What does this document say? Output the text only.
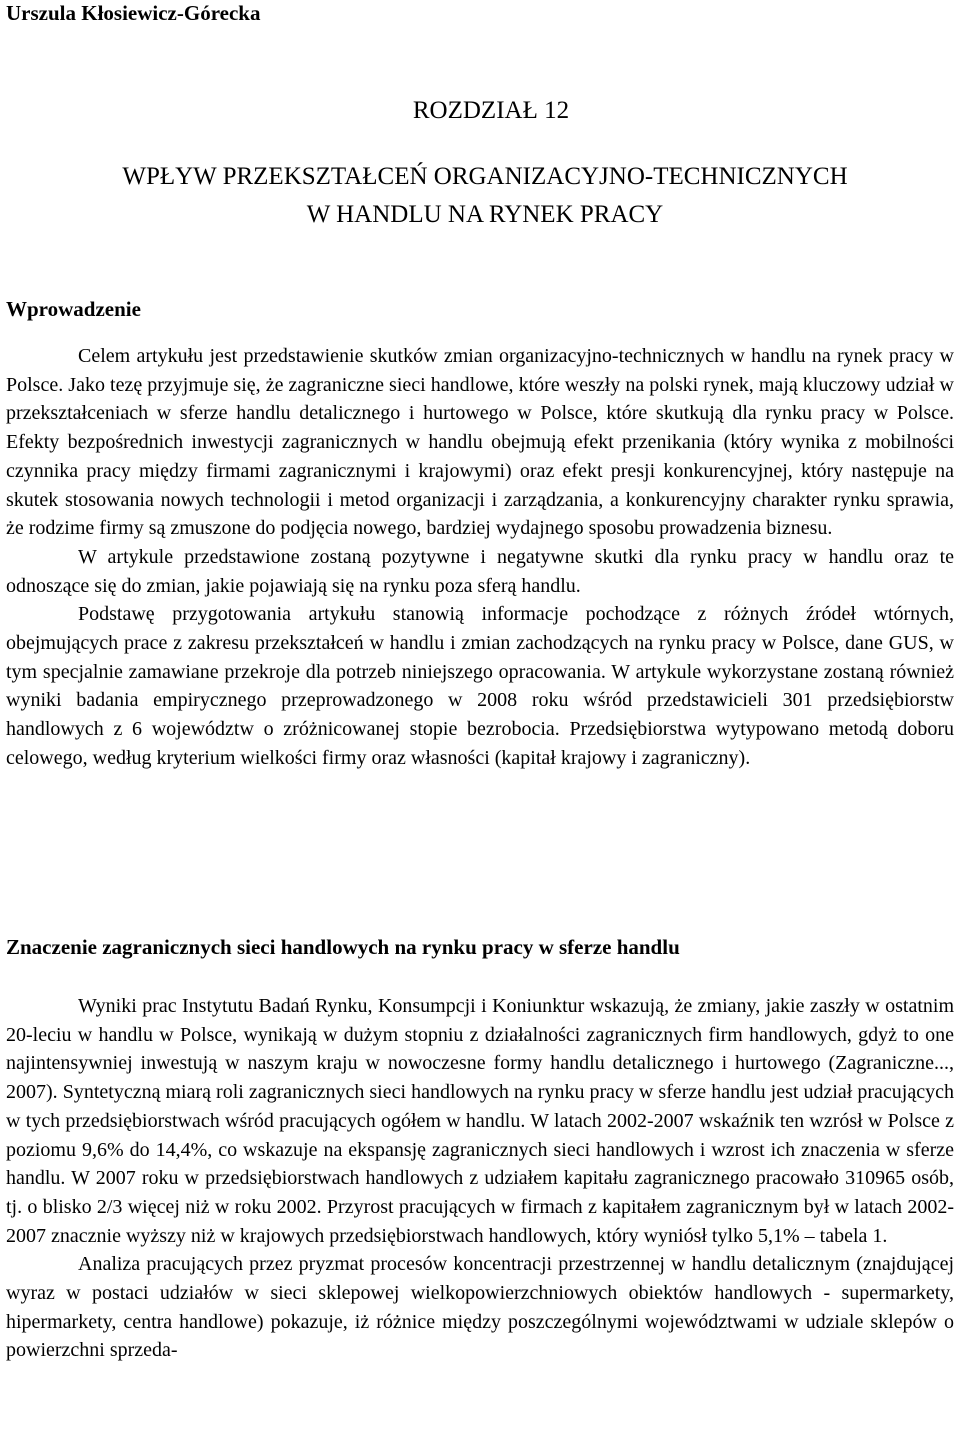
Urszula Kłosiewicz-Górecka
ROZDZIAŁ 12
WPŁYW PRZEKSZTAŁCEŃ ORGANIZACYJNO-TECHNICZNYCH
W HANDLU NA RYNEK PRACY
Wprowadzenie

Celem artykułu jest przedstawienie skutków zmian organizacyjno-technicznych w handlu na rynek pracy w Polsce. Jako tezę przyjmuje się, że zagraniczne sieci handlowe, które weszły na polski rynek, mają kluczowy udział w przekształceniach w sferze handlu detalicznego i hurtowego w Polsce, które skutkują dla rynku pracy w Polsce. Efekty bezpośrednich inwestycji zagranicznych w handlu obejmują efekt przenikania (który wynika z mobilności czynnika pracy między firmami zagranicznymi i krajowymi) oraz efekt presji konkurencyjnej, który następuje na skutek stosowania nowych technologii i metod organizacji i zarządzania, a konkurencyjny charakter rynku sprawia, że rodzime firmy są zmuszone do podjęcia nowego, bardziej wydajnego sposobu prowadzenia biznesu.

W artykule przedstawione zostaną pozytywne i negatywne skutki dla rynku pracy w handlu oraz te odnoszące się do zmian, jakie pojawiają się na rynku poza sferą handlu.

Podstawę przygotowania artykułu stanowią informacje pochodzące z różnych źródeł wtórnych, obejmujących prace z zakresu przekształceń w handlu i zmian zachodzących na rynku pracy w Polsce, dane GUS, w tym specjalnie zamawiane przekroje dla potrzeb niniejszego opracowania. W artykule wykorzystane zostaną również wyniki badania empirycznego przeprowadzonego w 2008 roku wśród przedstawicieli 301 przedsiębiorstw handlowych z 6 województw o zróżnicowanej stopie bezrobocia. Przedsiębiorstwa wytypowano metodą doboru celowego, według kryterium wielkości firmy oraz własności (kapitał krajowy i zagraniczny).

Znaczenie zagranicznych sieci handlowych na rynku pracy w sferze handlu

Wyniki prac Instytutu Badań Rynku, Konsumpcji i Koniunktur wskazują, że zmiany, jakie zaszły w ostatnim 20-leciu w handlu w Polsce, wynikają w dużym stopniu z działalności zagranicznych firm handlowych, gdyż to one najintensywniej inwestują w naszym kraju w nowoczesne formy handlu detalicznego i hurtowego (Zagraniczne..., 2007). Syntetyczną miarą roli zagranicznych sieci handlowych na rynku pracy w sferze handlu jest udział pracujących w tych przedsiębiorstwach wśród pracujących ogółem w handlu. W latach 2002-2007 wskaźnik ten wzrósł w Polsce z poziomu 9,6% do 14,4%, co wskazuje na ekspansję zagranicznych sieci handlowych i wzrost ich znaczenia w sferze handlu. W 2007 roku w przedsiębiorstwach handlowych z udziałem kapitału zagranicznego pracowało 310965 osób, tj. o blisko 2/3 więcej niż w roku 2002. Przyrost pracujących w firmach z kapitałem zagranicznym był w latach 2002-2007 znacznie wyższy niż w krajowych przedsiębiorstwach handlowych, który wyniósł tylko 5,1% – tabela 1.

Analiza pracujących przez pryzmat procesów koncentracji przestrzennej w handlu detalicznym (znajdującej wyraz w postaci udziałów w sieci sklepowej wielkopowierzchniowych obiektów handlowych - supermarkety, hipermarkety, centra handlowe) pokazuje, iż różnice między poszczególnymi województwami w udziale sklepów o powierzchni sprzeda-
